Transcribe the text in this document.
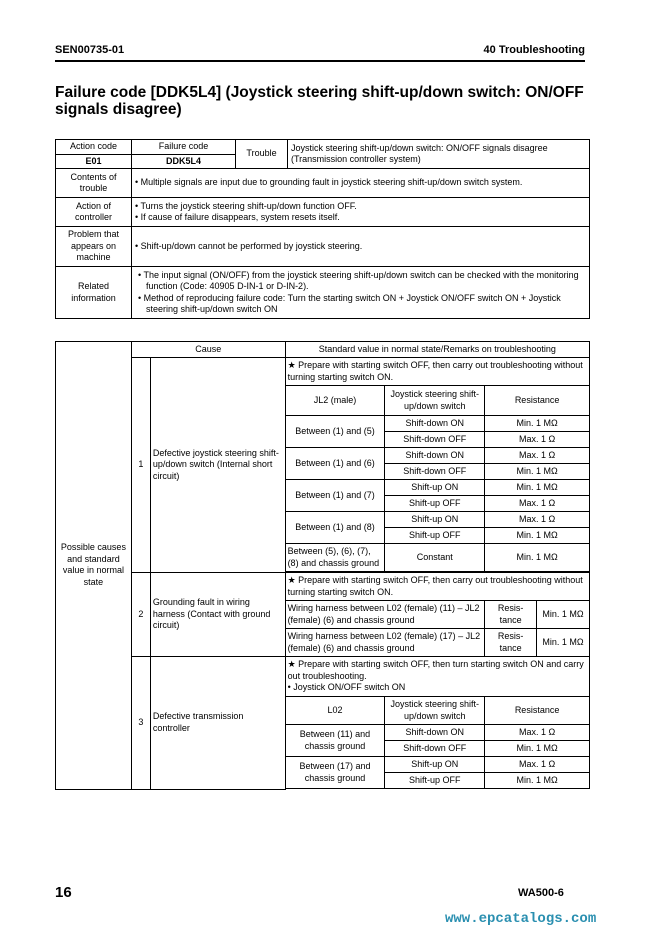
SEN00735-01	40 Troubleshooting
Failure code [DDK5L4] (Joystick steering shift-up/down switch: ON/OFF signals disagree)
Action code	Failure code	Trouble	Joystick steering shift-up/down switch: ON/OFF signals disagree (Transmission controller system)
E01	DDK5L4		
Contents of trouble	• Multiple signals are input due to grounding fault in joystick steering shift-up/down switch system.		
Action of controller	• Turns the joystick steering shift-up/down function OFF.
• If cause of failure disappears, system resets itself.		

Problem that appears on machine	• Shift-up/down cannot be performed by joystick steering.		
Related information	• The input signal (ON/OFF) from the joystick steering shift-up/down switch can be checked with the monitoring function (Code: 40905 D-IN-1 or D-IN-2).
• Method of reproducing failure code: Turn the starting switch ON + Joystick ON/OFF switch ON + Joystick steering shift-up/down switch ON		
Possible causes and standard value in normal state	Cause		Standard value in normal state/Remarks on troubleshooting			
	1	Defective joystick steering shift-up/down switch (Internal short circuit)	★ Prepare with starting switch OFF, then carry out troubleshooting without turning starting switch ON.			
			JL2 (male)	Joystick steering shift-up/down switch	Resistance	
			Between (1) and (5)	Shift-down ON	Min. 1 MΩ	
				Shift-down OFF	Max. 1 Ω	
			Between (1) and (6)	Shift-down ON	Max. 1 Ω	
				Shift-down OFF	Min. 1 MΩ	
			Between (1) and (7)	Shift-up ON	Min. 1 MΩ	
				Shift-up OFF	Max. 1 Ω	
			Between (1) and (8)	Shift-up ON	Max. 1 Ω	
				Shift-up OFF	Min. 1 MΩ	
			Between (5), (6), (7), (8) and chassis ground	Constant	Min. 1 MΩ	

	2	Grounding fault in wiring harness (Contact with ground circuit)	★ Prepare with starting switch OFF, then carry out troubleshooting without turning starting switch ON.			
			Wiring harness between L02 (female) (11) – JL2 (female) (6) and chassis ground		Resis-tance	Min. 1 MΩ
			Wiring harness between L02 (female) (17) – JL2 (female) (6) and chassis ground		Resis-tance	Min. 1 MΩ
	3	Defective transmission controller	★ Prepare with starting switch OFF, then turn starting switch ON and carry out troubleshooting.
• Joystick ON/OFF switch ON			

			L02	Joystick steering shift-up/down switch	Resistance	
			Between (11) and chassis ground	Shift-down ON	Max. 1 Ω	
				Shift-down OFF	Min. 1 MΩ	
			Between (17) and chassis ground	Shift-up ON	Max. 1 Ω	
				Shift-up OFF	Min. 1 MΩ	

16	WA500-6
www.epcatalogs.com
